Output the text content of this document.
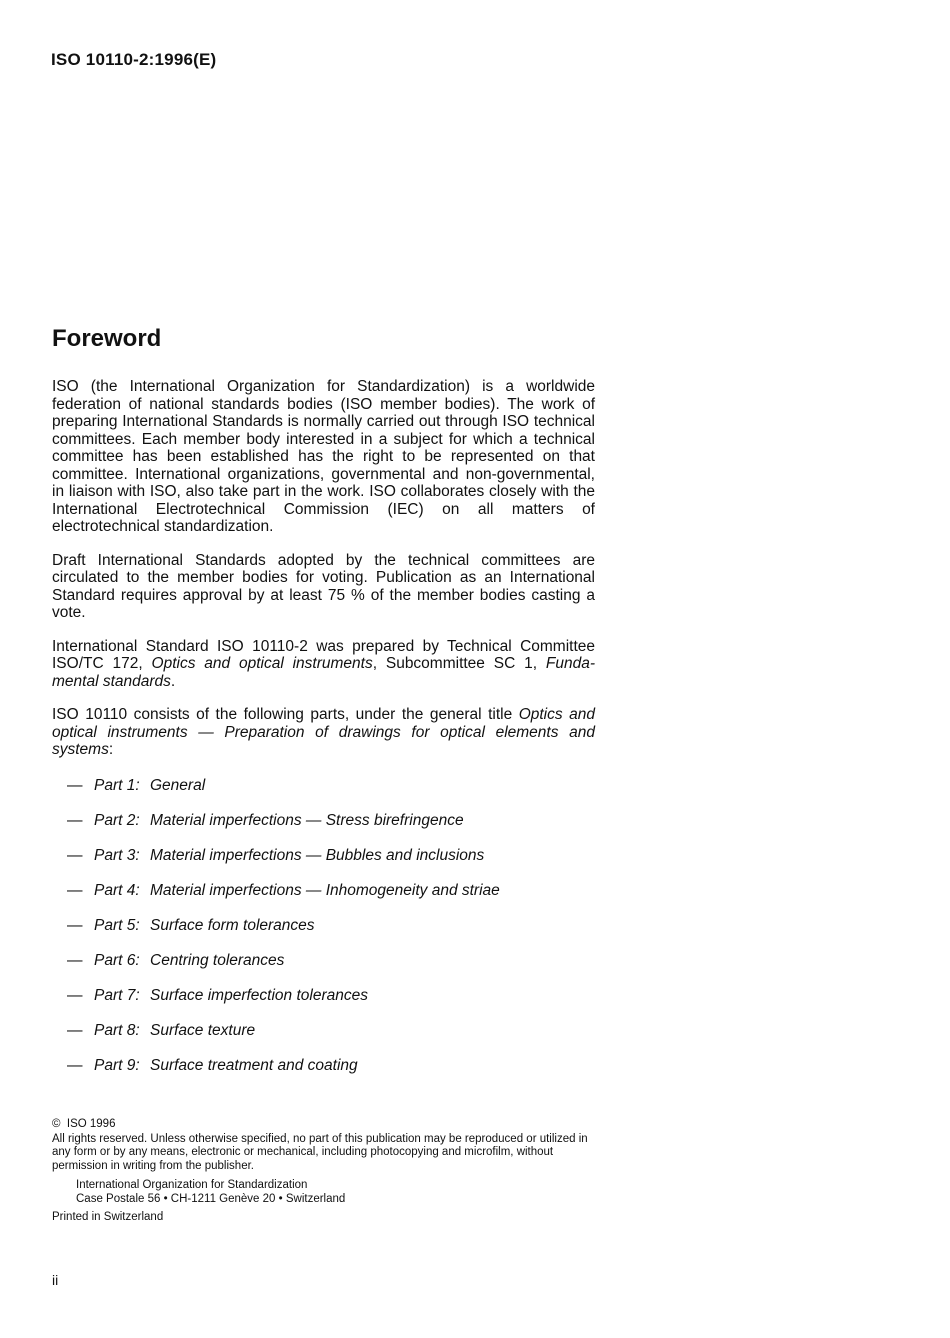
ISO 10110-2:1996(E)
Foreword

ISO (the International Organization for Standardization) is a worldwide federation of national standards bodies (ISO member bodies). The work of preparing International Standards is normally carried out through ISO technical committees. Each member body interested in a subject for which a technical committee has been established has the right to be represented on that committee. International organizations, governmental and non-governmental, in liaison with ISO, also take part in the work. ISO collaborates closely with the International Electrotechnical Commission (IEC) on all matters of electrotechnical standardization.

Draft International Standards adopted by the technical committees are circulated to the member bodies for voting. Publication as an International Standard requires approval by at least 75 % of the member bodies casting a vote.

International Standard ISO 10110-2 was prepared by Technical Committee ISO/TC 172, Optics and optical instruments, Subcommittee SC 1, Funda-mental standards.

ISO 10110 consists of the following parts, under the general title Optics and optical instruments — Preparation of drawings for optical elements and systems:

— Part 1: General
— Part 2: Material imperfections — Stress birefringence
— Part 3: Material imperfections — Bubbles and inclusions
— Part 4: Material imperfections — Inhomogeneity and striae
— Part 5: Surface form tolerances
— Part 6: Centring tolerances
— Part 7: Surface imperfection tolerances
— Part 8: Surface texture
— Part 9: Surface treatment and coating

© ISO 1996

All rights reserved. Unless otherwise specified, no part of this publication may be reproduced or utilized in any form or by any means, electronic or mechanical, including photocopying and microfilm, without permission in writing from the publisher.

International Organization for Standardization

Case Postale 56 • CH-1211 Genève 20 • Switzerland

Printed in Switzerland

ii
